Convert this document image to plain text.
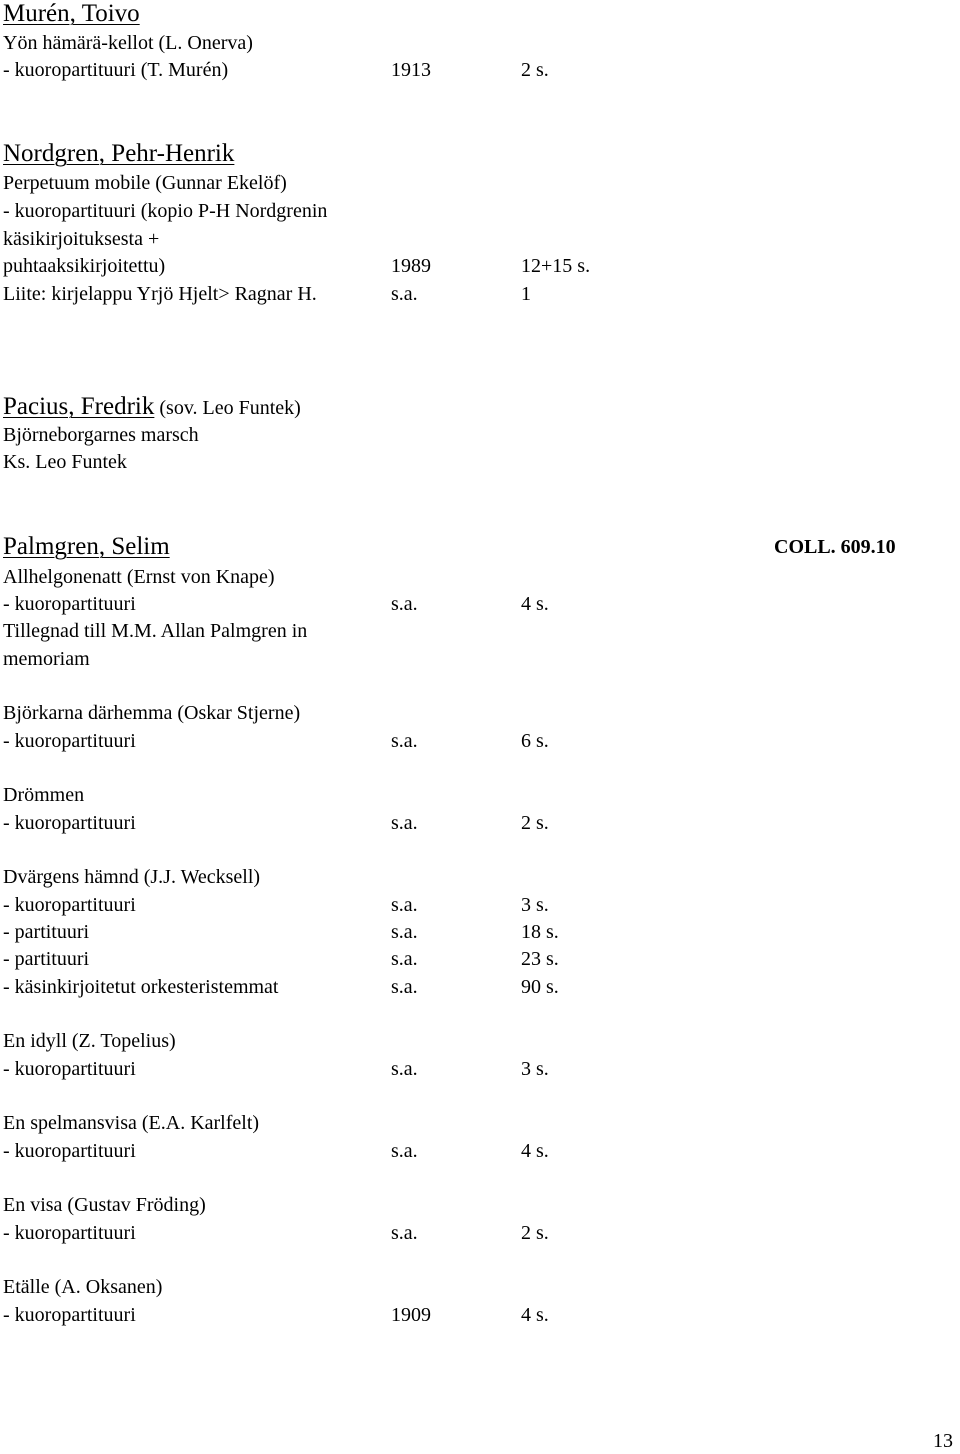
Murén, Toivo
Yön hämärä-kellot (L. Onerva)
- kuoropartituuri (T. Murén)	1913	2 s.
Nordgren, Pehr-Henrik
Perpetuum mobile (Gunnar Ekelöf)
- kuoropartituuri (kopio P-H Nordgrenin
käsikirjoituksesta +
puhtaaksikirjoitettu)	1989	12+15 s.
Liite: kirjelappu Yrjö Hjelt> Ragnar H.	s.a.	1
Pacius, Fredrik (sov. Leo Funtek)
Björneborgarnes marsch
Ks. Leo Funtek
Palmgren, Selim	COLL. 609.10
Allhelgonenatt (Ernst von Knape)
- kuoropartituuri	s.a.	4 s.
Tillegnad till M.M. Allan Palmgren in
memoriam
Björkarna därhemma (Oskar Stjerne)
- kuoropartituuri	s.a.	6 s.
Drömmen
- kuoropartituuri	s.a.	2 s.
Dvärgens hämnd (J.J. Wecksell)
- kuoropartituuri	s.a.	3 s.
- partituuri	s.a.	18 s.
- partituuri	s.a.	23 s.
- käsinkirjoitetut orkesteristemmat	s.a.	90 s.
En idyll (Z. Topelius)
- kuoropartituuri	s.a.	3 s.
En spelmansvisa (E.A. Karlfelt)
- kuoropartituuri	s.a.	4 s.
En visa (Gustav Fröding)
- kuoropartituuri	s.a.	2 s.
Etälle (A. Oksanen)
- kuoropartituuri	1909	4 s.
13
